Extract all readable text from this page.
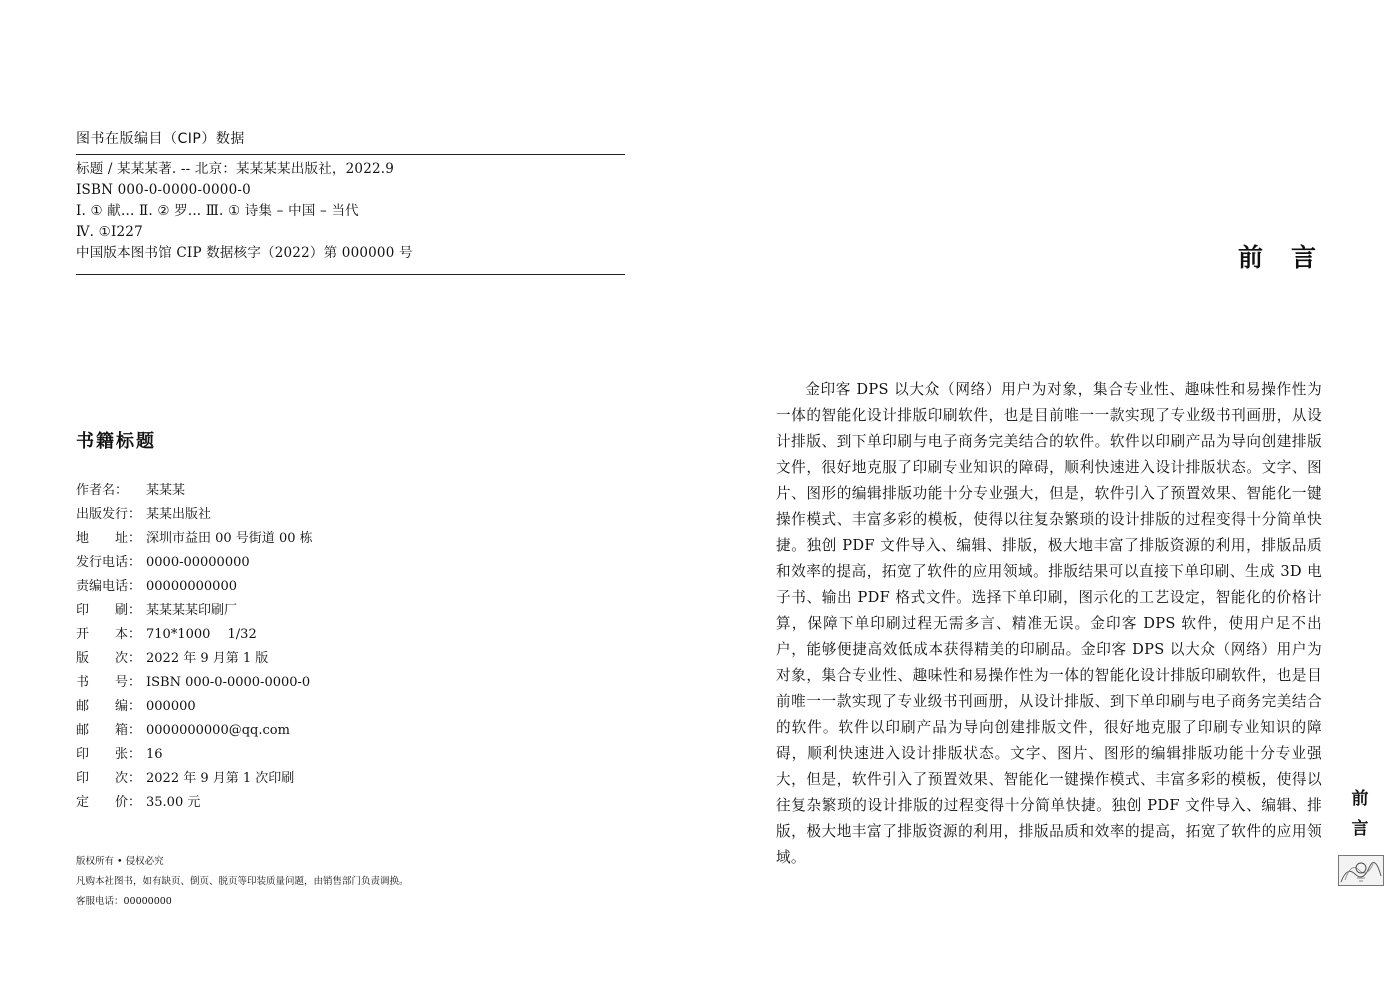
图书在版编目（CIP）数据
标题 / 某某某著. -- 北京：某某某某出版社，2022.9
ISBN 000-0-0000-0000-0
Ⅰ. ① 献... Ⅱ. ② 罗... Ⅲ. ① 诗集 – 中国 – 当代
Ⅳ. ①I227
中国版本图书馆 CIP 数据核字（2022）第 000000 号
书籍标题
作者名：	某某某
出版发行： 某某出版社
地　　址： 深圳市益田 00 号街道 00 栋
发行电话： 0000-00000000
责编电话： 00000000000
印　　刷： 某某某某印刷厂
开　　本： 710*1000　 1/32
版　　次： 2022 年 9 月第 1 版
书　　号： ISBN 000-0-0000-0000-0
邮　　编： 000000
邮　　箱： 0000000000@qq.com
印　　张： 16
印　　次： 2022 年 9 月第 1 次印刷
定　　价： 35.00 元
版权所有 • 侵权必究
凡购本社图书，如有缺页、倒页、脱页等印装质量问题，由销售部门负责调换。
客服电话：00000000
前言
金印客 DPS 以大众（网络）用户为对象，集合专业性、趣味性和易操作性为一体的智能化设计排版印刷软件，也是目前唯一一款实现了专业级书刊画册，从设计排版、到下单印刷与电子商务完美结合的软件。软件以印刷产品为导向创建排版文件，很好地克服了印刷专业知识的障碍，顺利快速进入设计排版状态。文字、图片、图形的编辑排版功能十分专业强大，但是，软件引入了预置效果、智能化一键操作模式、丰富多彩的模板，使得以往复杂繁琐的设计排版的过程变得十分简单快捷。独创 PDF 文件导入、编辑、排版，极大地丰富了排版资源的利用，排版品质和效率的提高，拓宽了软件的应用领域。排版结果可以直接下单印刷、生成 3D 电子书、输出 PDF 格式文件。选择下单印刷，图示化的工艺设定，智能化的价格计算，保障下单印刷过程无需多言、精准无误。金印客 DPS 软件，使用户足不出户，能够便捷高效低成本获得精美的印刷品。金印客 DPS 以大众（网络）用户为对象，集合专业性、趣味性和易操作性为一体的智能化设计排版印刷软件，也是目前唯一一款实现了专业级书刊画册，从设计排版、到下单印刷与电子商务完美结合的软件。软件以印刷产品为导向创建排版文件，很好地克服了印刷专业知识的障碍，顺利快速进入设计排版状态。文字、图片、图形的编辑排版功能十分专业强大，但是，软件引入了预置效果、智能化一键操作模式、丰富多彩的模板，使得以往复杂繁琐的设计排版的过程变得十分简单快捷。独创 PDF 文件导入、编辑、排版，极大地丰富了排版资源的利用，排版品质和效率的提高，拓宽了软件的应用领域。
前
言
